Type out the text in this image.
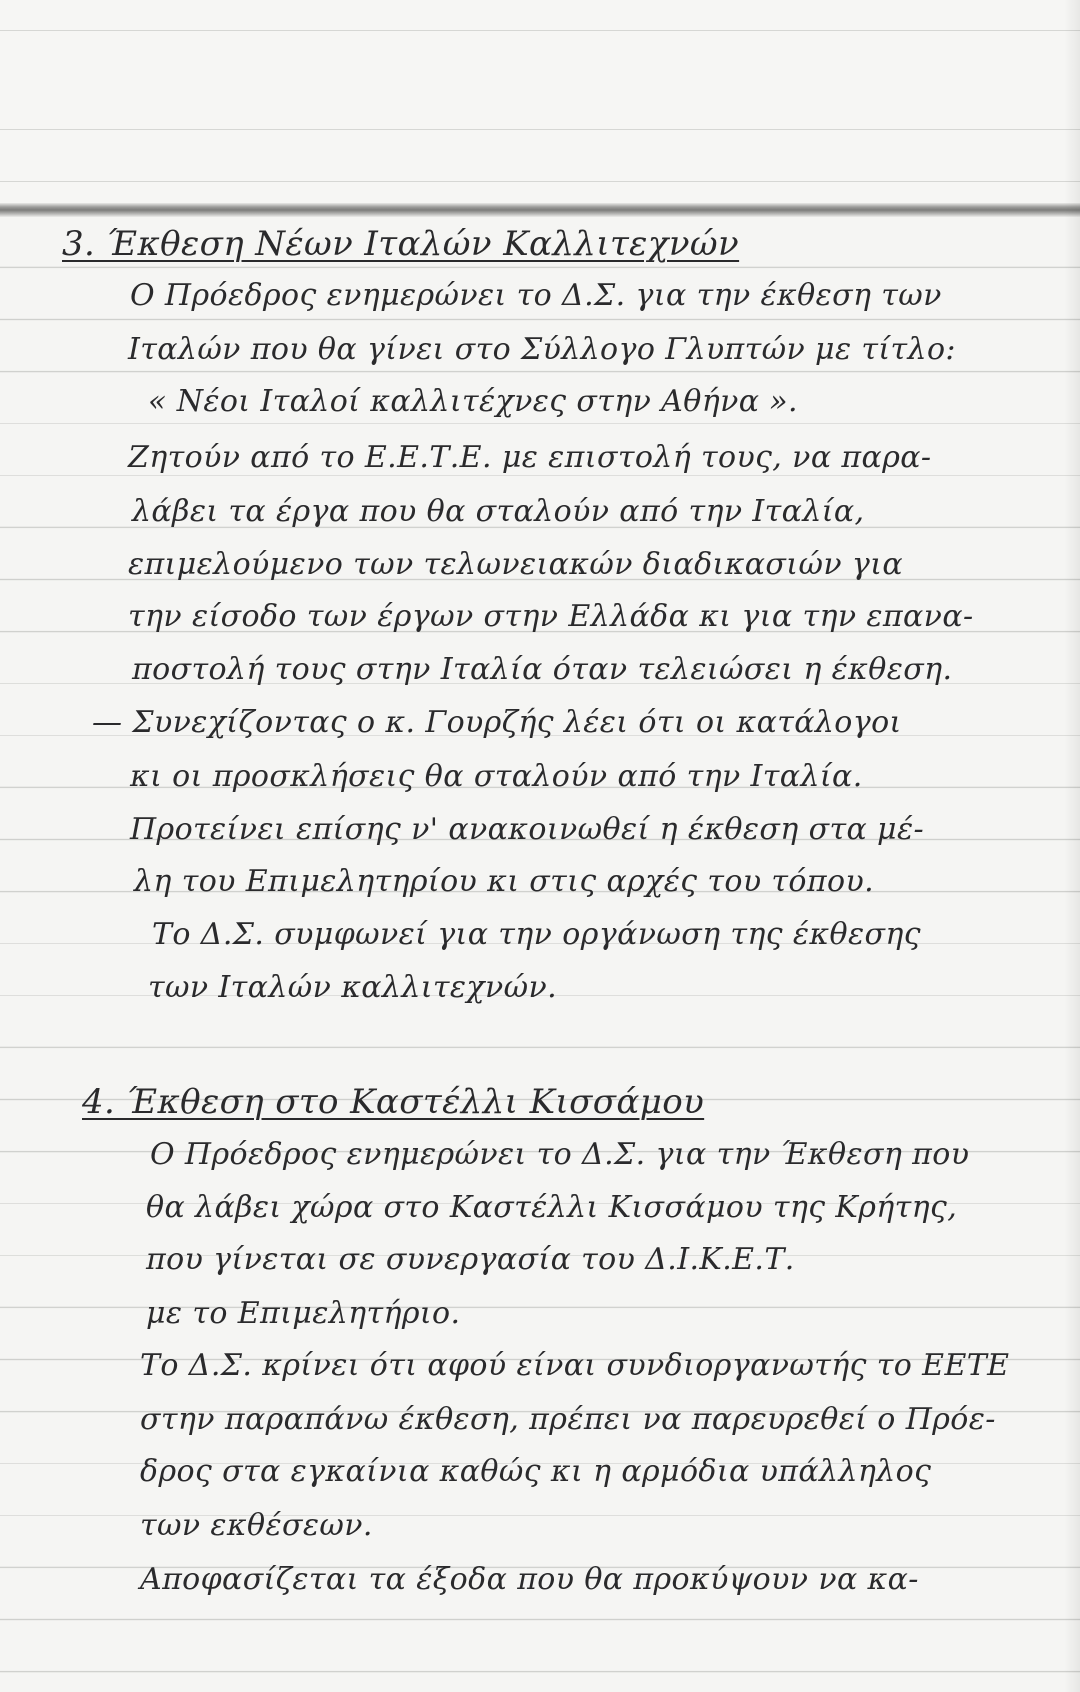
3. Έκθεση Νέων Ιταλών Καλλιτεχνών

Ο Πρόεδρος ενημερώνει το Δ.Σ. για την έκθεση των

Ιταλών που θα γίνει στο Σύλλογο Γλυπτών με τίτλο:

« Νέοι Ιταλοί καλλιτέχνες στην Αθήνα ».

Ζητούν από το Ε.Ε.Τ.Ε. με επιστολή τους, να παρα-

λάβει τα έργα που θα σταλούν από την Ιταλία,

επιμελούμενο των τελωνειακών διαδικασιών για

την είσοδο των έργων στην Ελλάδα κι για την επανα-

ποστολή τους στην Ιταλία όταν τελειώσει η έκθεση.

— Συνεχίζοντας ο κ. Γουρζής λέει ότι οι κατάλογοι

κι οι προσκλήσεις θα σταλούν από την Ιταλία.

Προτείνει επίσης ν' ανακοινωθεί η έκθεση στα μέ-

λη του Επιμελητηρίου κι στις αρχές του τόπου.

Το Δ.Σ. συμφωνεί για την οργάνωση της έκθεσης

των Ιταλών καλλιτεχνών.

4. Έκθεση στο Καστέλλι Κισσάμου

Ο Πρόεδρος ενημερώνει το Δ.Σ. για την Έκθεση που

θα λάβει χώρα στο Καστέλλι Κισσάμου της Κρήτης,

που γίνεται σε συνεργασία του Δ.Ι.Κ.Ε.Τ.

με το Επιμελητήριο.

Το Δ.Σ. κρίνει ότι αφού είναι συνδιοργανωτής το ΕΕΤΕ

στην παραπάνω έκθεση, πρέπει να παρευρεθεί ο Πρόε-

δρος στα εγκαίνια καθώς κι η αρμόδια υπάλληλος

των εκθέσεων.

Αποφασίζεται τα έξοδα που θα προκύψουν να κα-
